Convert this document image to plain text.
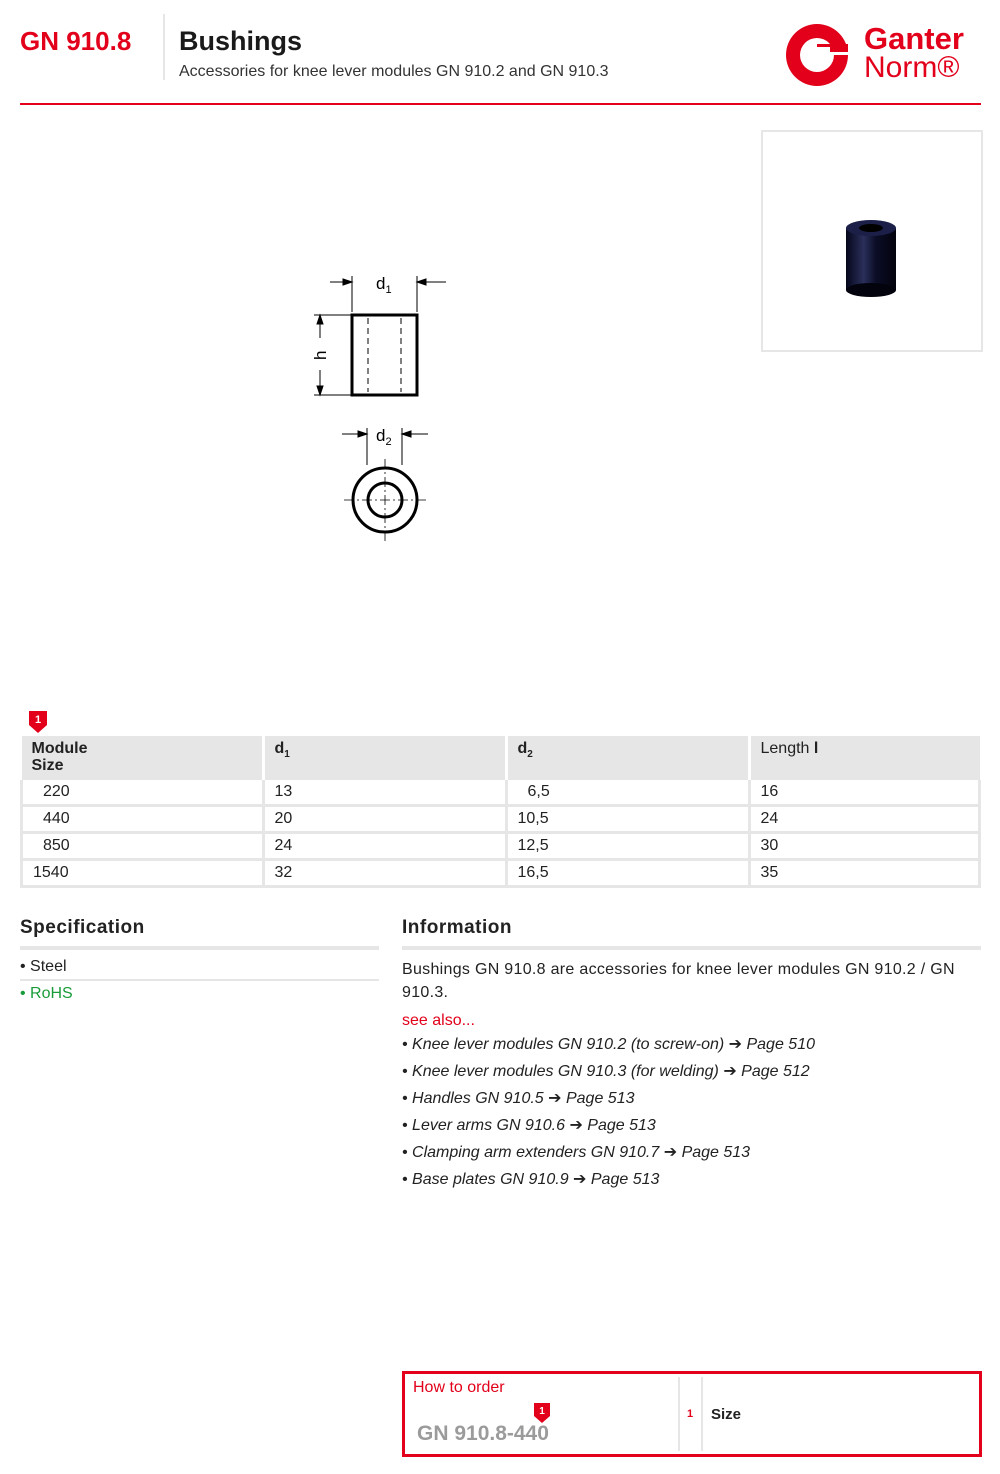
GN 910.8 Bushings
Accessories for knee lever modules GN 910.2 and GN 910.3
Ganter
Norm®
$d_1$
h
$d_2$
1
Module Size	$d_1$	$d_2$	Length l
220	13	6,5	16
440	20	10,5	24
850	24	12,5	30
1540	32	16,5	35
Specification
• Steel
• RoHS
Information
Bushings GN 910.8 are accessories for knee lever modules GN 910.2 / GN 910.3.
see also...
• Knee lever modules GN 910.2 (to screw-on) ➔ Page 510
• Knee lever modules GN 910.3 (for welding) ➔ Page 512
• Handles GN 910.5 ➔ Page 513
• Lever arms GN 910.6 ➔ Page 513
• Clamping arm extenders GN 910.7 ➔ Page 513
• Base plates GN 910.9 ➔ Page 513
How to order
1
GN 910.8-440
1 Size
